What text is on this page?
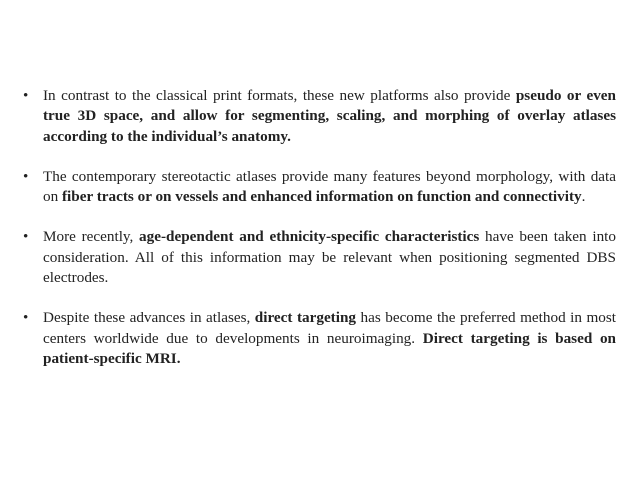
• In contrast to the classical print formats, these new platforms also provide pseudo or even true 3D space, and allow for segmenting, scaling, and morphing of overlay atlases according to the individual’s anatomy.
• The contemporary stereotactic atlases provide many features beyond morphology, with data on fiber tracts or on vessels and enhanced information on function and connectivity.
• More recently, age-dependent and ethnicity-specific characteristics have been taken into consideration. All of this information may be relevant when positioning segmented DBS electrodes.
• Despite these advances in atlases, direct targeting has become the preferred method in most centers worldwide due to developments in neuroimaging. Direct targeting is based on patient-specific MRI.
